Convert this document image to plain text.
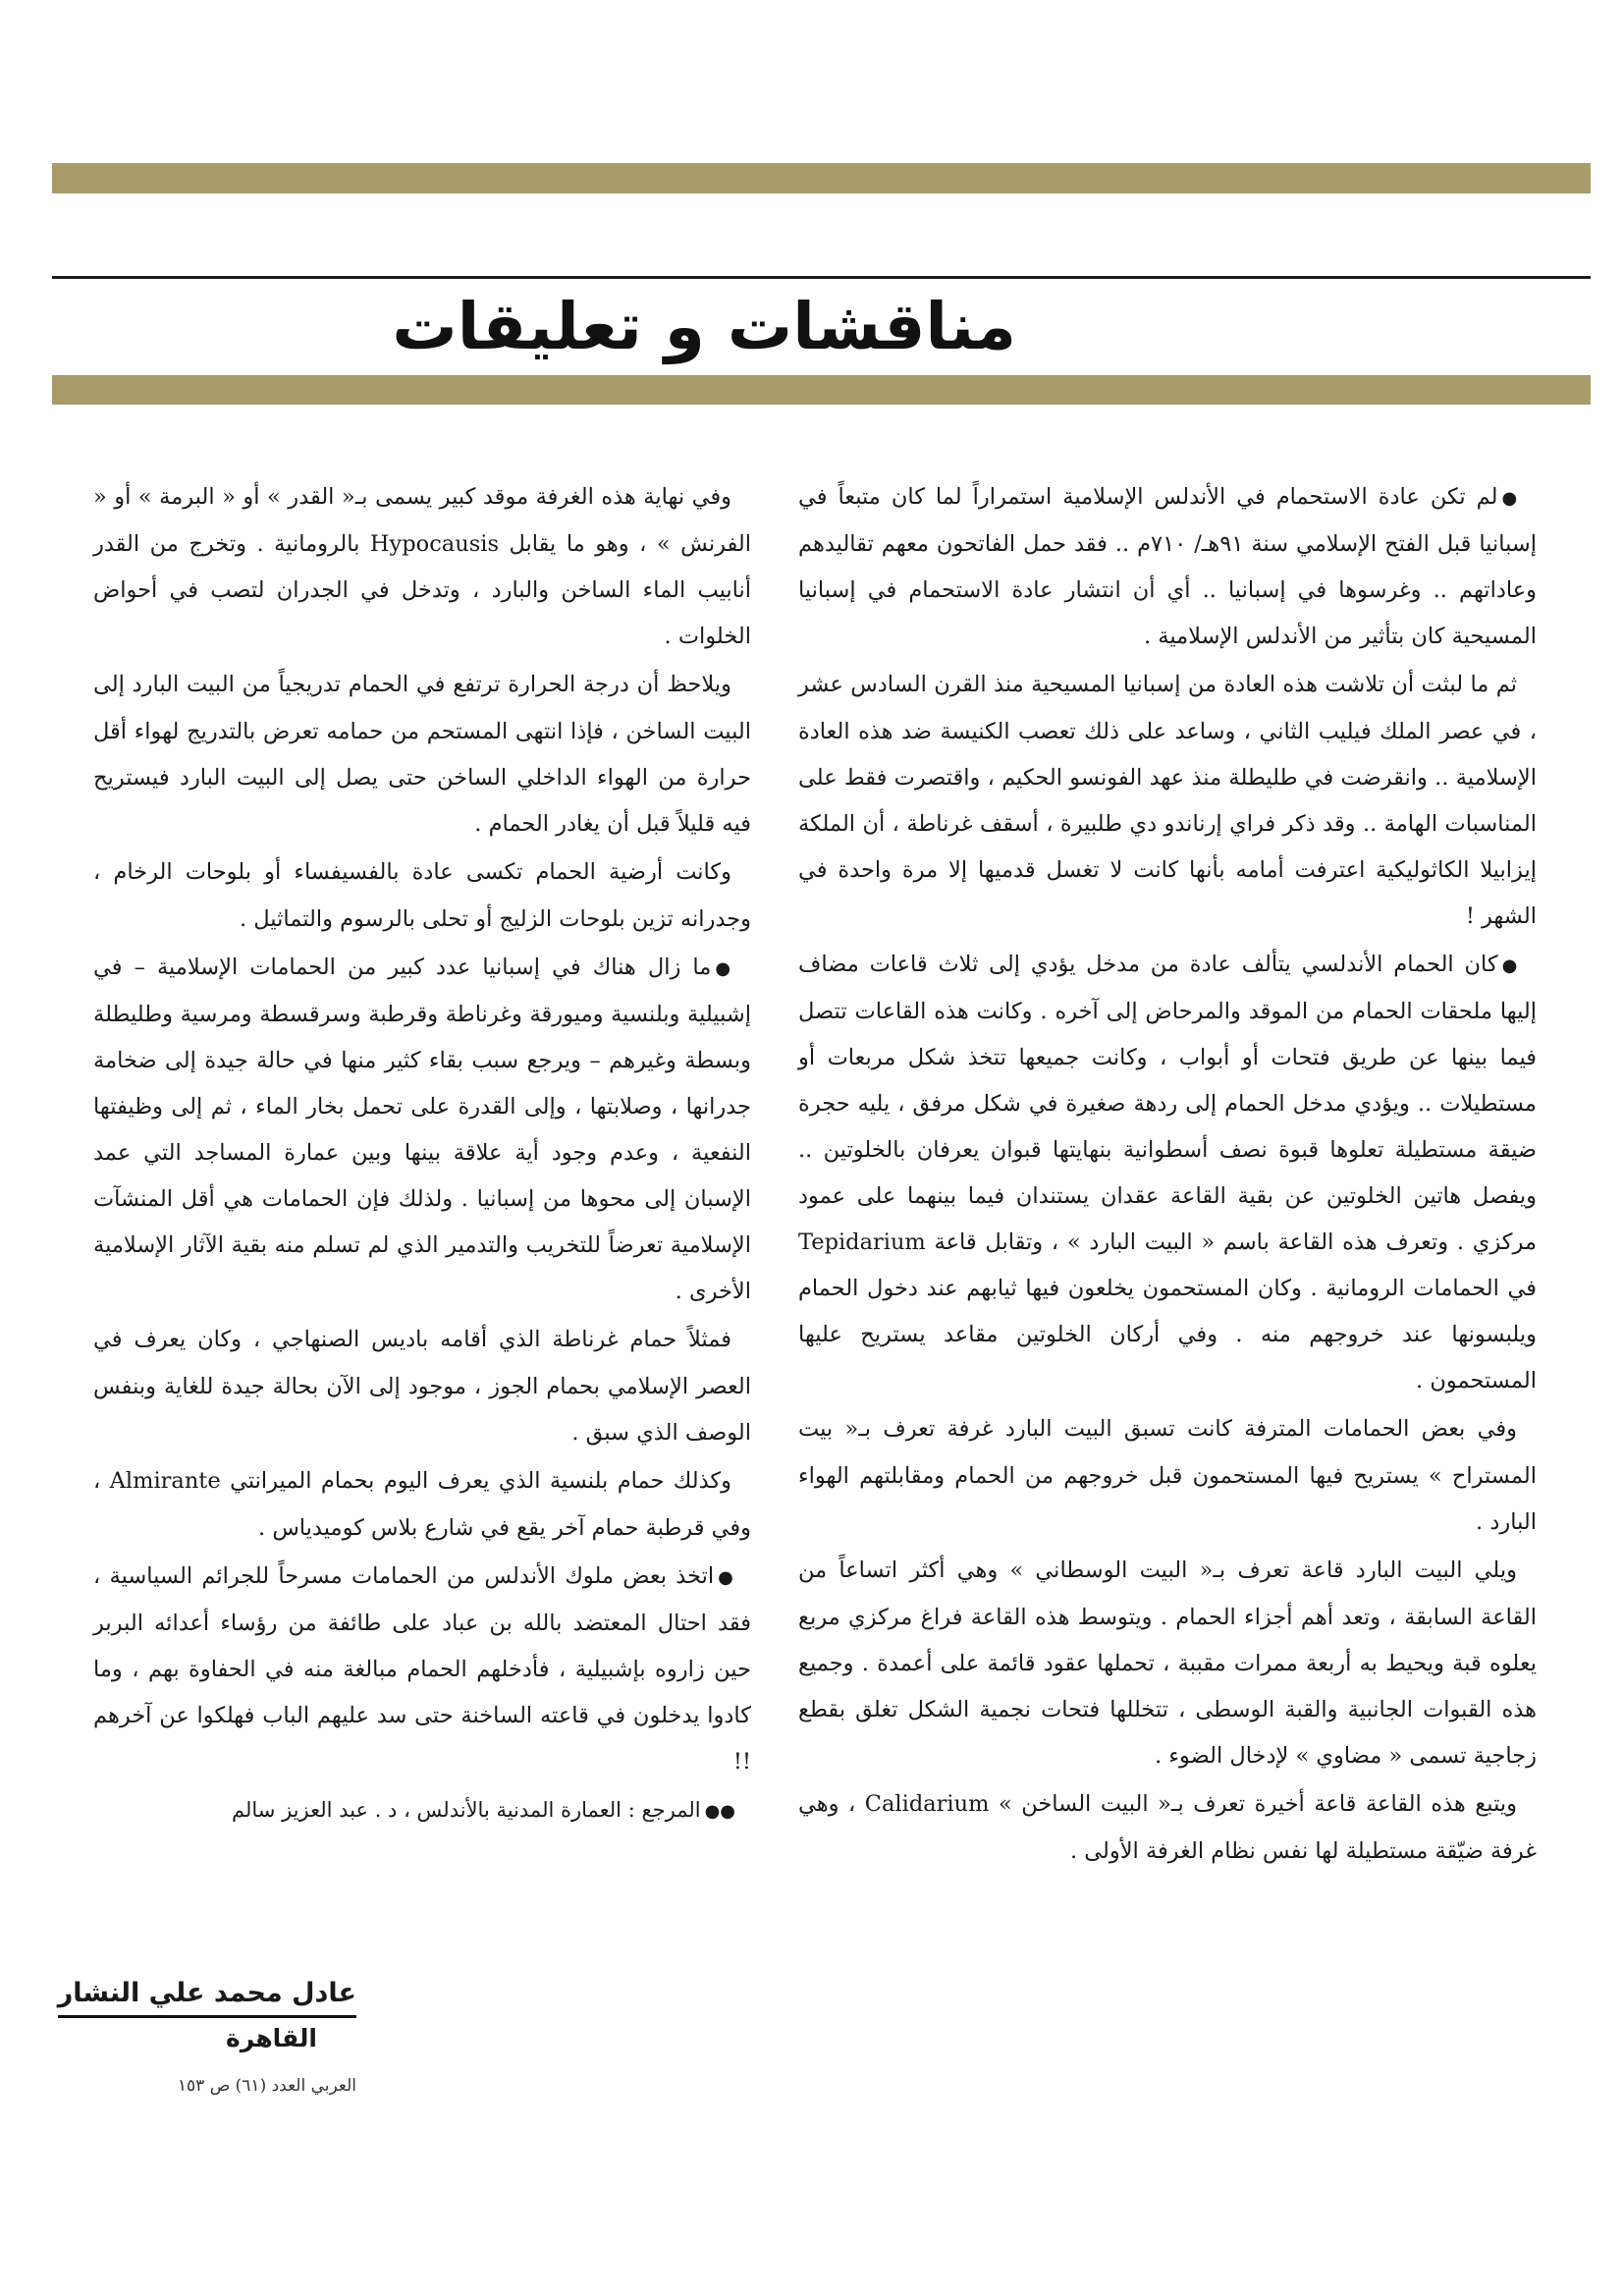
مناقشات و تعليقات

●لم تكن عادة الاستحمام في الأندلس الإسلامية استمراراً لما كان متبعاً في إسبانيا قبل الفتح الإسلامي سنة ٩١هـ/ ٧١٠م .. فقد حمل الفاتحون معهم تقاليدهم وعاداتهم .. وغرسوها في إسبانيا .. أي أن انتشار عادة الاستحمام في إسبانيا المسيحية كان بتأثير من الأندلس الإسلامية .

ثم ما لبثت أن تلاشت هذه العادة من إسبانيا المسيحية منذ القرن السادس عشر ، في عصر الملك فيليب الثاني ، وساعد على ذلك تعصب الكنيسة ضد هذه العادة الإسلامية .. وانقرضت في طليطلة منذ عهد الفونسو الحكيم ، واقتصرت فقط على المناسبات الهامة .. وقد ذكر فراي إرناندو دي طلبيرة ، أسقف غرناطة ، أن الملكة إيزابيلا الكاثوليكية اعترفت أمامه بأنها كانت لا تغسل قدميها إلا مرة واحدة في الشهر !

●كان الحمام الأندلسي يتألف عادة من مدخل يؤدي إلى ثلاث قاعات مضاف إليها ملحقات الحمام من الموقد والمرحاض إلى آخره . وكانت هذه القاعات تتصل فيما بينها عن طريق فتحات أو أبواب ، وكانت جميعها تتخذ شكل مربعات أو مستطيلات .. ويؤدي مدخل الحمام إلى ردهة صغيرة في شكل مرفق ، يليه حجرة ضيقة مستطيلة تعلوها قبوة نصف أسطوانية بنهايتها قبوان يعرفان بالخلوتين .. ويفصل هاتين الخلوتين عن بقية القاعة عقدان يستندان فيما بينهما على عمود مركزي . وتعرف هذه القاعة باسم « البيت البارد » ، وتقابل قاعة Tepidarium في الحمامات الرومانية . وكان المستحمون يخلعون فيها ثيابهم عند دخول الحمام ويلبسونها عند خروجهم منه . وفي أركان الخلوتين مقاعد يستريح عليها المستحمون .

وفي بعض الحمامات المترفة كانت تسبق البيت البارد غرفة تعرف بـ« بيت المستراح » يستريح فيها المستحمون قبل خروجهم من الحمام ومقابلتهم الهواء البارد .

ويلي البيت البارد قاعة تعرف بـ« البيت الوسطاني » وهي أكثر اتساعاً من القاعة السابقة ، وتعد أهم أجزاء الحمام . ويتوسط هذه القاعة فراغ مركزي مربع يعلوه قبة ويحيط به أربعة ممرات مقببة ، تحملها عقود قائمة على أعمدة . وجميع هذه القبوات الجانبية والقبة الوسطى ، تتخللها فتحات نجمية الشكل تغلق بقطع زجاجية تسمى « مضاوي » لإدخال الضوء .

ويتبع هذه القاعة قاعة أخيرة تعرف بـ« البيت الساخن » Calidarium ، وهي غرفة ضيّقة مستطيلة لها نفس نظام الغرفة الأولى .

وفي نهاية هذه الغرفة موقد كبير يسمى بـ« القدر » أو « البرمة » أو « الفرنش » ، وهو ما يقابل Hypocausis بالرومانية . وتخرج من القدر أنابيب الماء الساخن والبارد ، وتدخل في الجدران لتصب في أحواض الخلوات .

ويلاحظ أن درجة الحرارة ترتفع في الحمام تدريجياً من البيت البارد إلى البيت الساخن ، فإذا انتهى المستحم من حمامه تعرض بالتدريج لهواء أقل حرارة من الهواء الداخلي الساخن حتى يصل إلى البيت البارد فيستريح فيه قليلاً قبل أن يغادر الحمام .

وكانت أرضية الحمام تكسى عادة بالفسيفساء أو بلوحات الرخام ، وجدرانه تزين بلوحات الزليج أو تحلى بالرسوم والتماثيل .

●ما زال هناك في إسبانيا عدد كبير من الحمامات الإسلامية – في إشبيلية وبلنسية وميورقة وغرناطة وقرطبة وسرقسطة ومرسية وطليطلة وبسطة وغيرهم – ويرجع سبب بقاء كثير منها في حالة جيدة إلى ضخامة جدرانها ، وصلابتها ، وإلى القدرة على تحمل بخار الماء ، ثم إلى وظيفتها النفعية ، وعدم وجود أية علاقة بينها وبين عمارة المساجد التي عمد الإسبان إلى محوها من إسبانيا . ولذلك فإن الحمامات هي أقل المنشآت الإسلامية تعرضاً للتخريب والتدمير الذي لم تسلم منه بقية الآثار الإسلامية الأخرى .

فمثلاً حمام غرناطة الذي أقامه باديس الصنهاجي ، وكان يعرف في العصر الإسلامي بحمام الجوز ، موجود إلى الآن بحالة جيدة للغاية وبنفس الوصف الذي سبق .

وكذلك حمام بلنسية الذي يعرف اليوم بحمام الميرانتي Almirante ، وفي قرطبة حمام آخر يقع في شارع بلاس كوميدياس .

●اتخذ بعض ملوك الأندلس من الحمامات مسرحاً للجرائم السياسية ، فقد احتال المعتضد بالله بن عباد على طائفة من رؤساء أعدائه البربر حين زاروه بإشبيلية ، فأدخلهم الحمام مبالغة منه في الحفاوة بهم ، وما كادوا يدخلون في قاعته الساخنة حتى سد عليهم الباب فهلكوا عن آخرهم !!

●●المرجع : العمارة المدنية بالأندلس ، د . عبد العزيز سالم

عادل محمد علي النشار
القاهرة
العربي العدد (٦١) ص ١٥٣
